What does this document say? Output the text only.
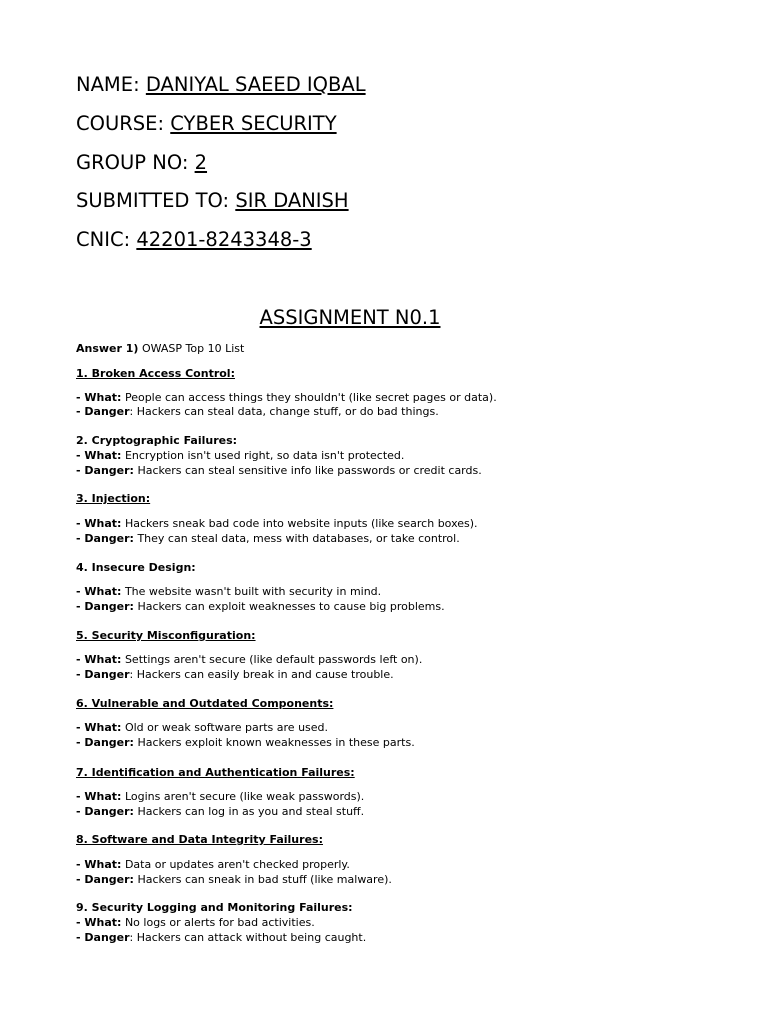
NAME: DANIYAL SAEED IQBAL
COURSE: CYBER SECURITY
GROUP NO: 2
SUBMITTED TO: SIR DANISH
CNIC: 42201-8243348-3
ASSIGNMENT N0.1
Answer 1) OWASP Top 10 List
1. Broken Access Control:
- What: People can access things they shouldn't (like secret pages or data).
- Danger: Hackers can steal data, change stuff, or do bad things.
2. Cryptographic Failures:
- What: Encryption isn't used right, so data isn't protected.
- Danger: Hackers can steal sensitive info like passwords or credit cards.
3. Injection:
- What: Hackers sneak bad code into website inputs (like search boxes).
- Danger: They can steal data, mess with databases, or take control.
4. Insecure Design:
- What: The website wasn't built with security in mind.
- Danger: Hackers can exploit weaknesses to cause big problems.
5. Security Misconfiguration:
- What: Settings aren't secure (like default passwords left on).
- Danger: Hackers can easily break in and cause trouble.
6. Vulnerable and Outdated Components:
- What: Old or weak software parts are used.
- Danger: Hackers exploit known weaknesses in these parts.
7. Identification and Authentication Failures:
- What: Logins aren't secure (like weak passwords).
- Danger: Hackers can log in as you and steal stuff.
8. Software and Data Integrity Failures:
- What: Data or updates aren't checked properly.
- Danger: Hackers can sneak in bad stuff (like malware).
9. Security Logging and Monitoring Failures:
- What: No logs or alerts for bad activities.
- Danger: Hackers can attack without being caught.
